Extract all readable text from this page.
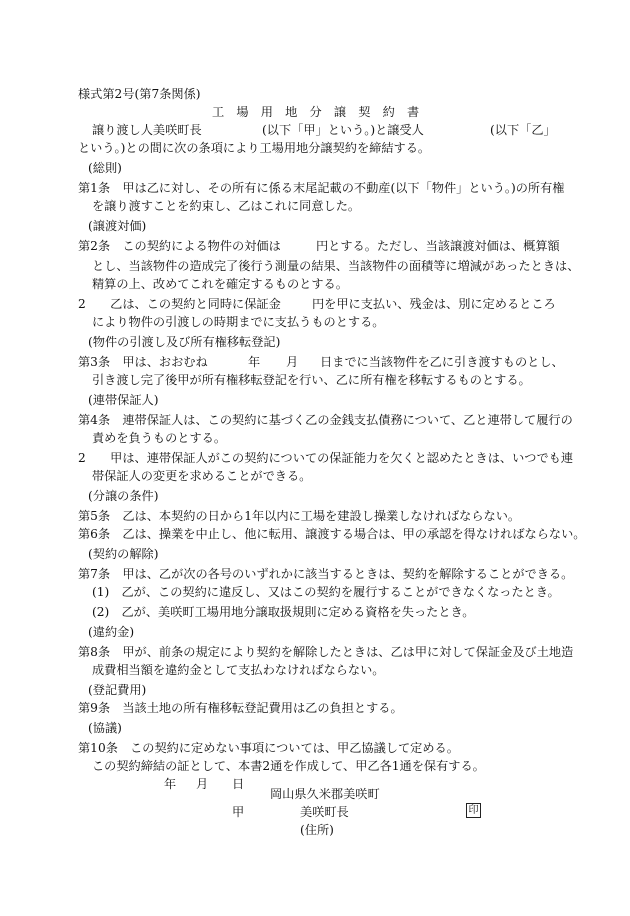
様式第2号(第7条関係)
工　場　用　地　分　譲　契　約　書
譲り渡し人美咲町長	(以下「甲」という。)と譲受人	(以下「乙」
という。)との間に次の条項により工場用地分譲契約を締結する。
(総則)
第1条　甲は乙に対し、その所有に係る末尾記載の不動産(以下「物件」という。)の所有権
を譲り渡すことを約束し、乙はこれに同意した。
(譲渡対価)
第2条　この契約による物件の対価は	円とする。ただし、当該譲渡対価は、概算額
とし、当該物件の造成完了後行う測量の結果、当該物件の面積等に増減があったときは、
精算の上、改めてこれを確定するものとする。
2　　乙は、この契約と同時に保証金	円を甲に支払い、残金は、別に定めるところ
により物件の引渡しの時期までに支払うものとする。
(物件の引渡し及び所有権移転登記)
第3条　甲は、おおむね	年 月 日までに当該物件を乙に引き渡すものとし、
引き渡し完了後甲が所有権移転登記を行い、乙に所有権を移転するものとする。
(連帯保証人)
第4条　連帯保証人は、この契約に基づく乙の金銭支払債務について、乙と連帯して履行の
責めを負うものとする。
2　　甲は、連帯保証人がこの契約についての保証能力を欠くと認めたときは、いつでも連
帯保証人の変更を求めることができる。
(分譲の条件)
第5条　乙は、本契約の日から1年以内に工場を建設し操業しなければならない。
第6条　乙は、操業を中止し、他に転用、譲渡する場合は、甲の承認を得なければならない。
(契約の解除)
第7条　甲は、乙が次の各号のいずれかに該当するときは、契約を解除することができる。
(1)　乙が、この契約に違反し、又はこの契約を履行することができなくなったとき。
(2)　乙が、美咲町工場用地分譲取扱規則に定める資格を失ったとき。
(違約金)
第8条　甲が、前条の規定により契約を解除したときは、乙は甲に対して保証金及び土地造
成費相当額を違約金として支払わなければならない。
(登記費用)
第9条　当該土地の所有権移転登記費用は乙の負担とする。
(協議)
第10条　この契約に定めない事項については、甲乙協議して定める。
この契約締結の証として、本書2通を作成して、甲乙各1通を保有する。
年 月 日
岡山県久米郡美咲町
甲	美咲町長	印
(住所)
